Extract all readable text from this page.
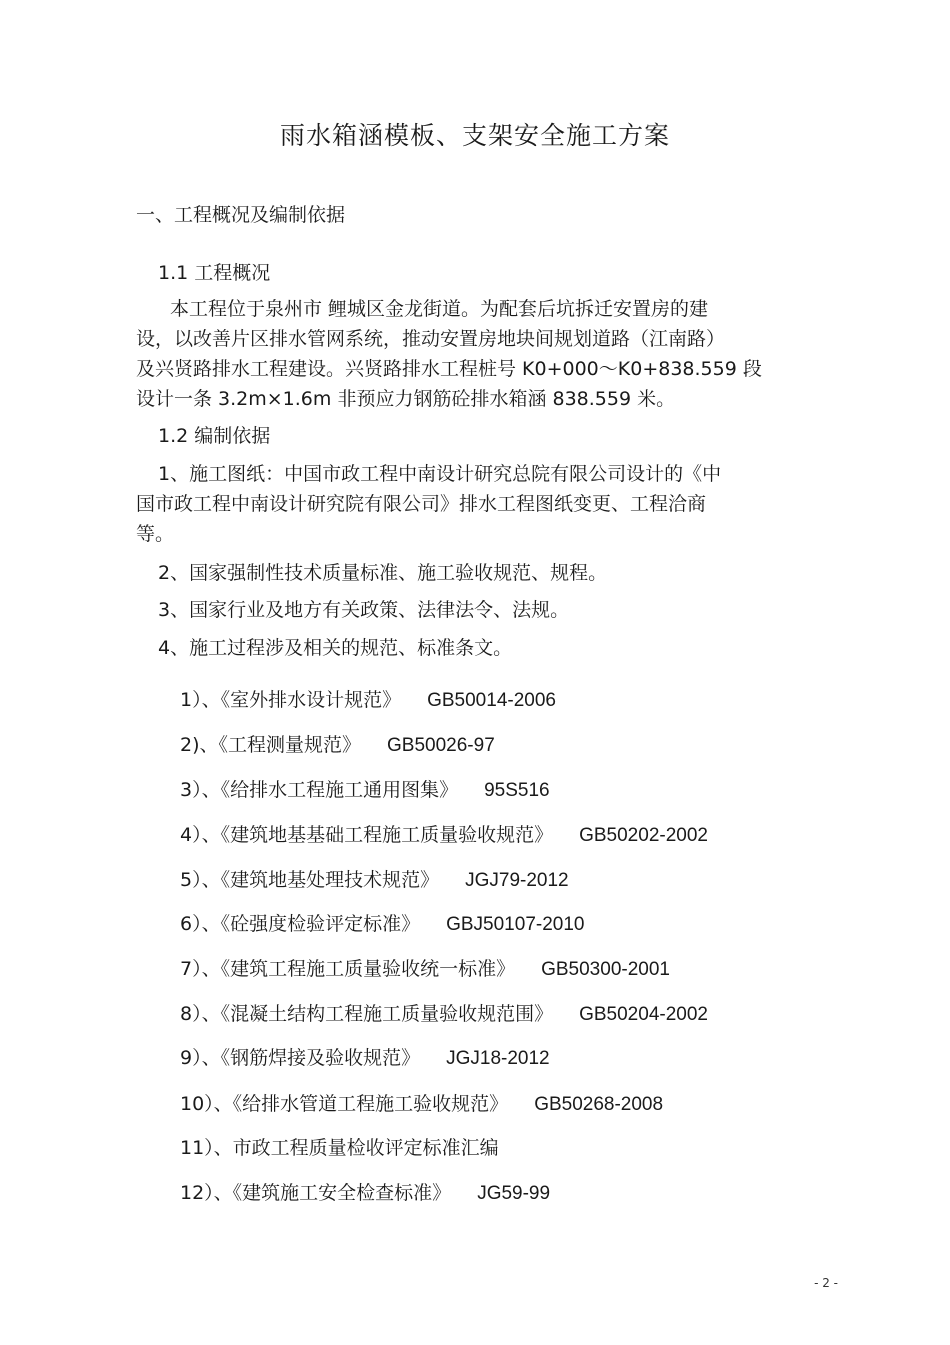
雨水箱涵模板、支架安全施工方案
一、工程概况及编制依据
1.1 工程概况
本工程位于泉州市 鲤城区金龙街道。为配套后坑拆迁安置房的建
设，以改善片区排水管网系统，推动安置房地块间规划道路（江南路）
及兴贤路排水工程建设。兴贤路排水工程桩号 K0+000～K0+838.559 段
设计一条 3.2m×1.6m 非预应力钢筋砼排水箱涵 838.559 米。
1.2 编制依据
1、施工图纸：中国市政工程中南设计研究总院有限公司设计的《中
国市政工程中南设计研究院有限公司》排水工程图纸变更、工程洽商
等。
2、国家强制性技术质量标准、施工验收规范、规程。
3、国家行业及地方有关政策、法律法令、法规。
4、施工过程涉及相关的规范、标准条文。
1）、《室外排水设计规范》 GB50014-2006
2)、《工程测量规范》 GB50026-97
3）、《给排水工程施工通用图集》 95S516
4）、《建筑地基基础工程施工质量验收规范》 GB50202-2002
5）、《建筑地基处理技术规范》 JGJ79-2012
6）、《砼强度检验评定标准》 GBJ50107-2010
7）、《建筑工程施工质量验收统一标准》 GB50300-2001
8）、《混凝土结构工程施工质量验收规范围》 GB50204-2002
9）、《钢筋焊接及验收规范》 JGJ18-2012
10）、《给排水管道工程施工验收规范》 GB50268-2008
11）、市政工程质量检收评定标准汇编
12）、《建筑施工安全检查标准》 JG59-99
- 2 -
